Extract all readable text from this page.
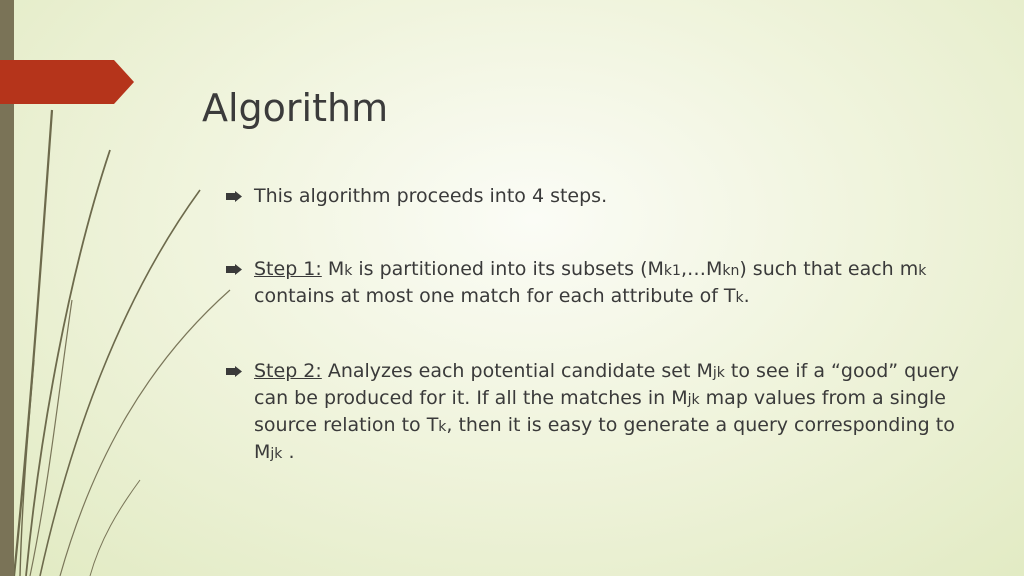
Algorithm
This algorithm proceeds into 4 steps.
Step 1: Mk is partitioned into its subsets (Mk1,…Mkn) such that each mk contains at most one match for each attribute of Tk.
Step 2: Analyzes each potential candidate set Mjk to see if a “good” query can be produced for it. If all the matches in Mjk map values from a single source relation to Tk, then it is easy to generate a query corresponding to Mjk .
